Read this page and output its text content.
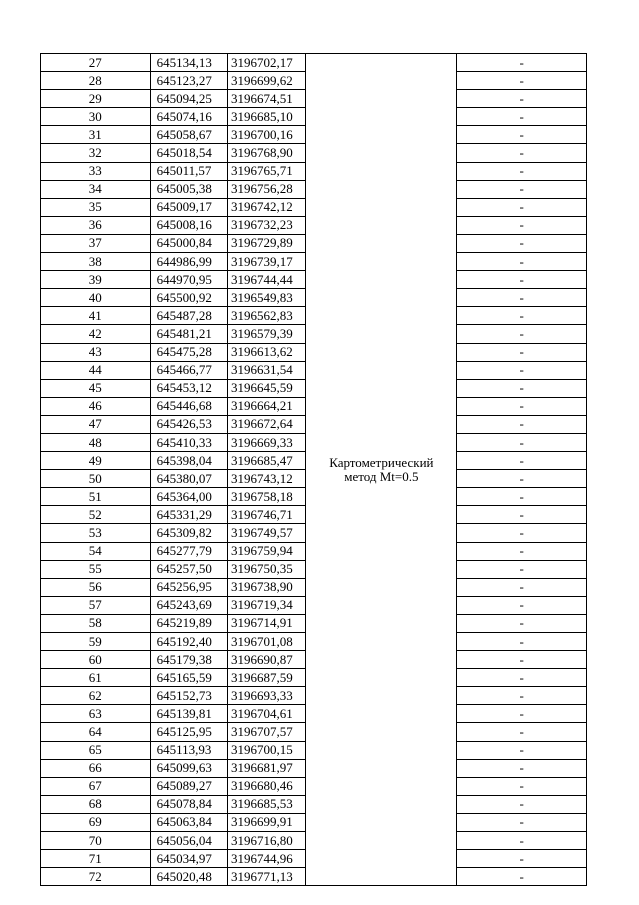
27	645134,13	3196702,17	Картометрический
метод Mt=0.5	-
28	645123,27	3196699,62		-
29	645094,25	3196674,51		-
30	645074,16	3196685,10		-
31	645058,67	3196700,16		-
32	645018,54	3196768,90		-
33	645011,57	3196765,71		-
34	645005,38	3196756,28		-
35	645009,17	3196742,12		-
36	645008,16	3196732,23		-
37	645000,84	3196729,89		-
38	644986,99	3196739,17		-
39	644970,95	3196744,44		-
40	645500,92	3196549,83		-
41	645487,28	3196562,83		-
42	645481,21	3196579,39		-
43	645475,28	3196613,62		-
44	645466,77	3196631,54		-
45	645453,12	3196645,59		-
46	645446,68	3196664,21		-
47	645426,53	3196672,64		-
48	645410,33	3196669,33		-
49	645398,04	3196685,47		-
50	645380,07	3196743,12		-
51	645364,00	3196758,18		-
52	645331,29	3196746,71		-
53	645309,82	3196749,57		-
54	645277,79	3196759,94		-
55	645257,50	3196750,35		-
56	645256,95	3196738,90		-
57	645243,69	3196719,34		-
58	645219,89	3196714,91		-
59	645192,40	3196701,08		-
60	645179,38	3196690,87		-
61	645165,59	3196687,59		-
62	645152,73	3196693,33		-
63	645139,81	3196704,61		-
64	645125,95	3196707,57		-
65	645113,93	3196700,15		-
66	645099,63	3196681,97		-
67	645089,27	3196680,46		-
68	645078,84	3196685,53		-
69	645063,84	3196699,91		-
70	645056,04	3196716,80		-
71	645034,97	3196744,96		-
72	645020,48	3196771,13		-
